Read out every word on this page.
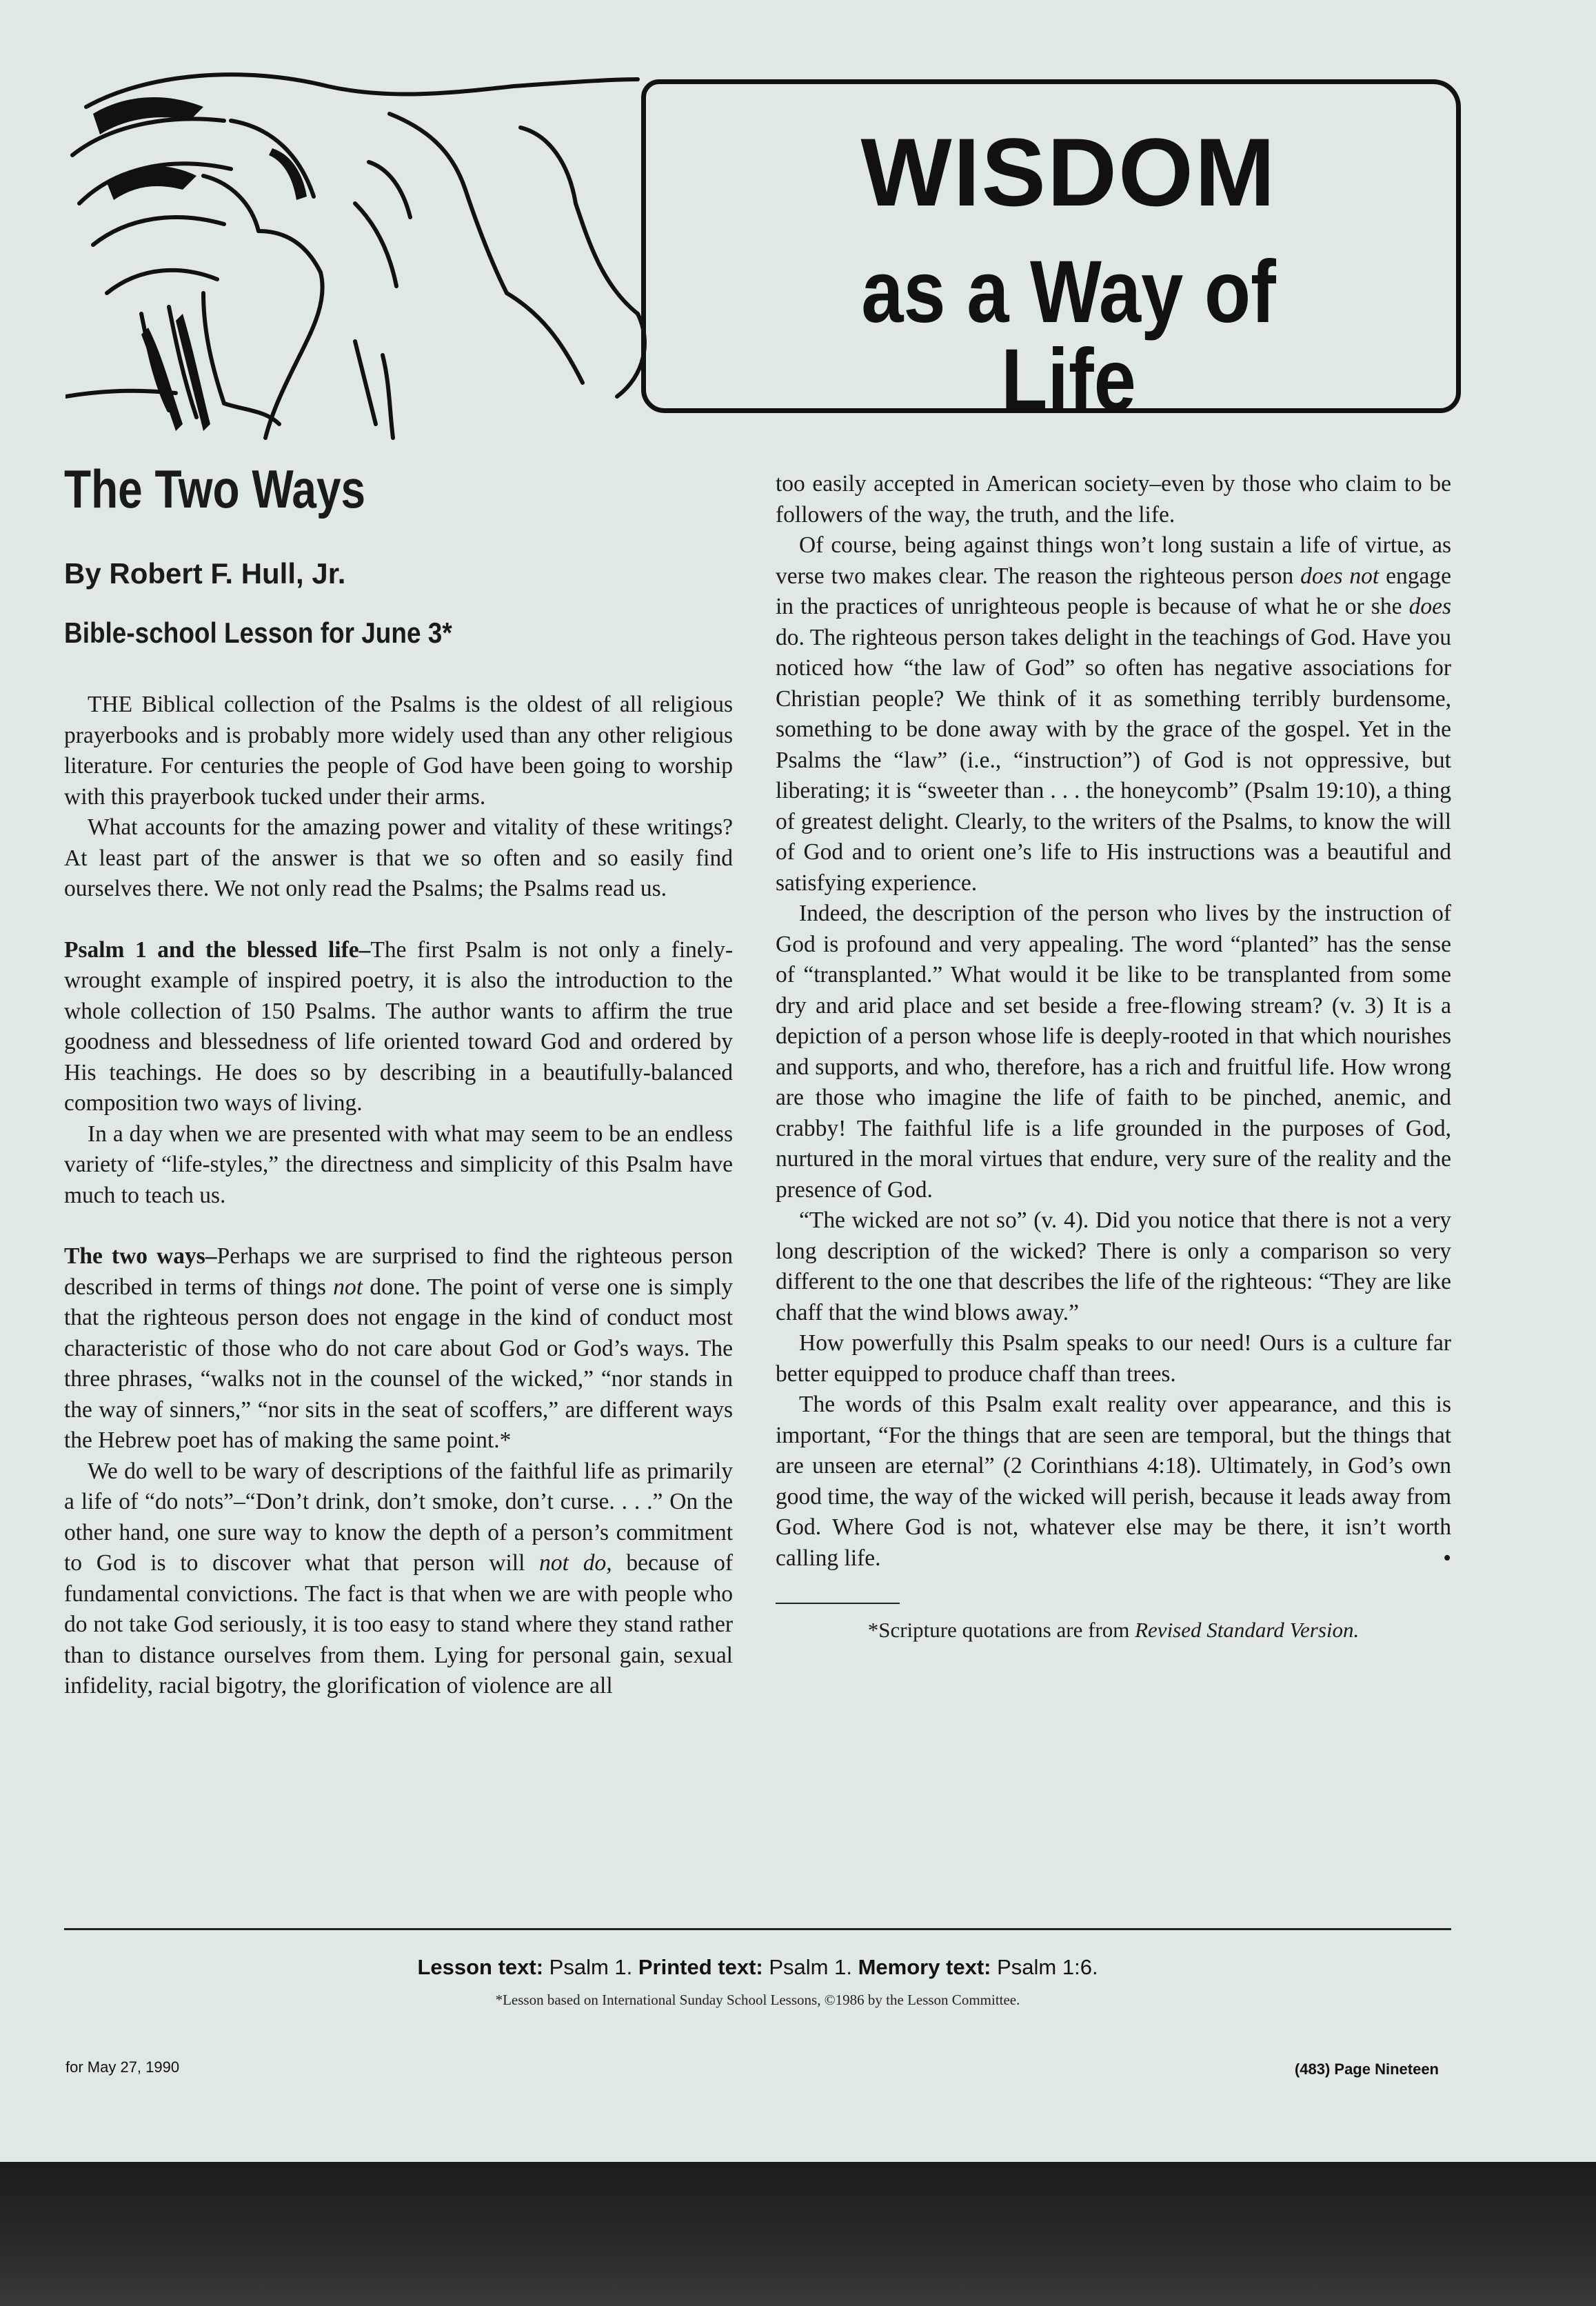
WISDOM
as a Way of Life
The Two Ways
By Robert F. Hull, Jr.
Bible-school Lesson for June 3*

THE Biblical collection of the Psalms is the oldest of all religious prayerbooks and is probably more widely used than any other religious literature. For centuries the people of God have been going to worship with this prayerbook tucked under their arms.

What accounts for the amazing power and vitality of these writings? At least part of the answer is that we so often and so easily find ourselves there. We not only read the Psalms; the Psalms read us.

Psalm 1 and the blessed life–The first Psalm is not only a finely-wrought example of inspired poetry, it is also the introduction to the whole collection of 150 Psalms. The author wants to affirm the true goodness and blessedness of life oriented toward God and ordered by His teachings. He does so by describing in a beautifully-balanced composition two ways of living.

In a day when we are presented with what may seem to be an endless variety of “life-styles,” the directness and simplicity of this Psalm have much to teach us.

The two ways–Perhaps we are surprised to find the righteous person described in terms of things not done. The point of verse one is simply that the righteous person does not engage in the kind of conduct most characteristic of those who do not care about God or God’s ways. The three phrases, “walks not in the counsel of the wicked,” “nor stands in the way of sinners,” “nor sits in the seat of scoffers,” are different ways the Hebrew poet has of making the same point.*

We do well to be wary of descriptions of the faithful life as primarily a life of “do nots”–“Don’t drink, don’t smoke, don’t curse. . . .” On the other hand, one sure way to know the depth of a person’s commitment to God is to discover what that person will not do, because of fundamental convictions. The fact is that when we are with people who do not take God seriously, it is too easy to stand where they stand rather than to distance ourselves from them. Lying for personal gain, sexual infidelity, racial bigotry, the glorification of violence are all

too easily accepted in American society–even by those who claim to be followers of the way, the truth, and the life.

Of course, being against things won’t long sustain a life of virtue, as verse two makes clear. The reason the righteous person does not engage in the practices of unrighteous people is because of what he or she does do. The righteous person takes delight in the teachings of God. Have you noticed how “the law of God” so often has negative associations for Christian people? We think of it as something terribly burdensome, something to be done away with by the grace of the gospel. Yet in the Psalms the “law” (i.e., “instruction”) of God is not oppressive, but liberating; it is “sweeter than . . . the honeycomb” (Psalm 19:10), a thing of greatest delight. Clearly, to the writers of the Psalms, to know the will of God and to orient one’s life to His instructions was a beautiful and satisfying experience.

Indeed, the description of the person who lives by the instruction of God is profound and very appealing. The word “planted” has the sense of “transplanted.” What would it be like to be transplanted from some dry and arid place and set beside a free-flowing stream? (v. 3) It is a depiction of a person whose life is deeply-rooted in that which nourishes and supports, and who, therefore, has a rich and fruitful life. How wrong are those who imagine the life of faith to be pinched, anemic, and crabby! The faithful life is a life grounded in the purposes of God, nurtured in the moral virtues that endure, very sure of the reality and the presence of God.

“The wicked are not so” (v. 4). Did you notice that there is not a very long description of the wicked? There is only a comparison so very different to the one that describes the life of the righteous: “They are like chaff that the wind blows away.”

How powerfully this Psalm speaks to our need! Ours is a culture far better equipped to produce chaff than trees.

The words of this Psalm exalt reality over appearance, and this is important, “For the things that are seen are temporal, but the things that are unseen are eternal” (2 Corinthians 4:18). Ultimately, in God’s own good time, the way of the wicked will perish, because it leads away from God. Where God is not, whatever else may be there, it isn’t worth calling life.	•

*Scripture quotations are from Revised Standard Version.

Lesson text: Psalm 1. Printed text: Psalm 1. Memory text: Psalm 1:6.
*Lesson based on International Sunday School Lessons, ©1986 by the Lesson Committee.
for May 27, 1990	(483) Page Nineteen
